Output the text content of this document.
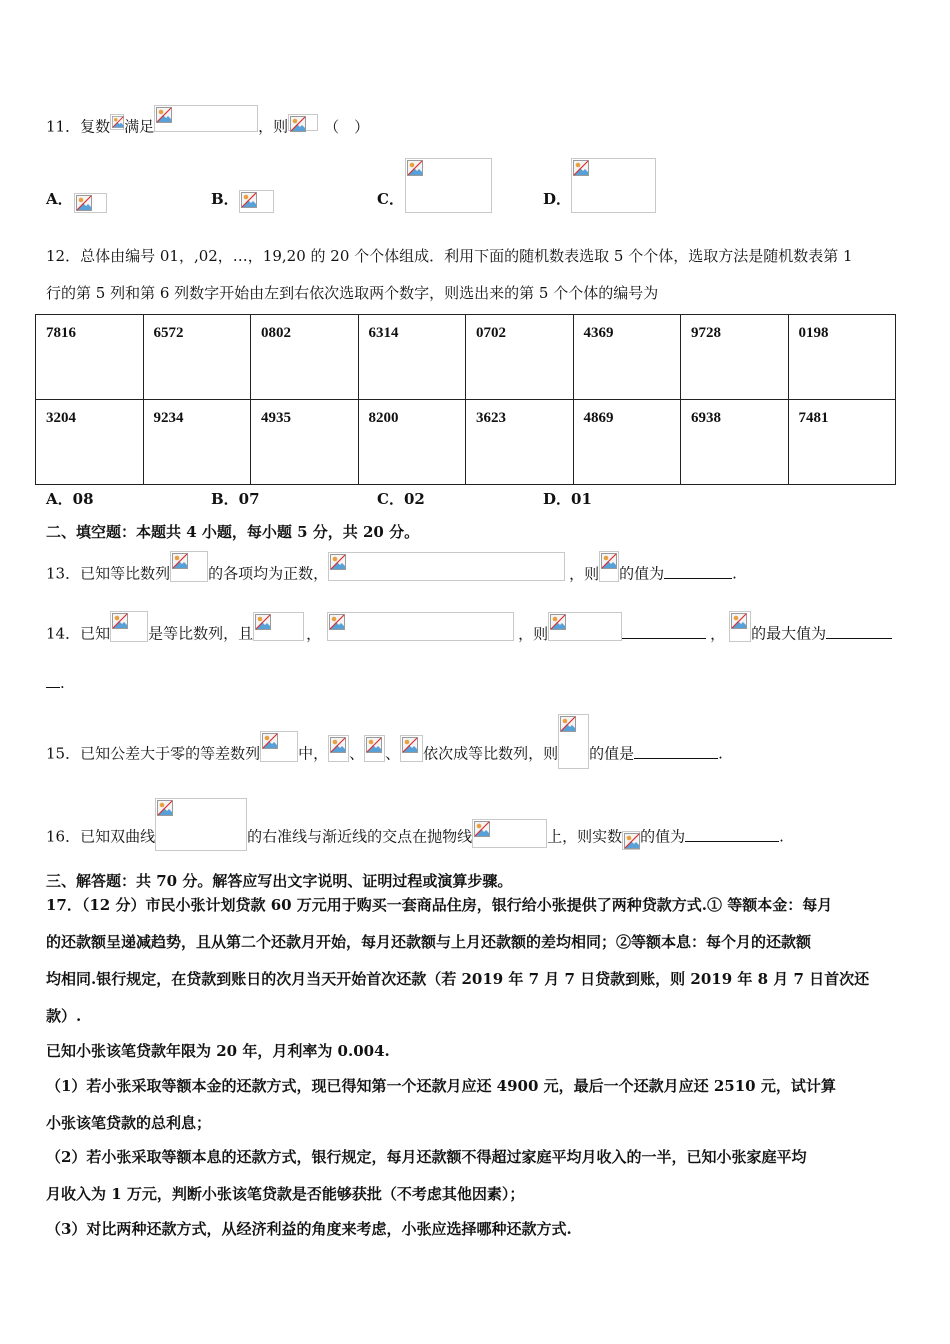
11．复数 满足	，则 （　）
A．	B．	C．	D．
12．总体由编号 01，,02，…，19,20 的 20 个个体组成．利用下面的随机数表选取 5 个个体，选取方法是随机数表第 1
行的第 5 列和第 6 列数字开始由左到右依次选取两个数字，则选出来的第 5 个个体的编号为
7816	6572	0802	6314	0702	4369	9728	0198
3204	9234	4935	8200	3623	4869	6938	7481
A．08	B．07	C．02	D．01
二、填空题：本题共 4 小题，每小题 5 分，共 20 分。
13．已知等比数列	的各项均为正数，	，则 的值为	.
14．已知	是等比数列，且	，	，则	， 的最大值为
.
15．已知公差大于零的等差数列	中， 、 、 依次成等比数列，则 的值是	.
16．已知双曲线	的右准线与渐近线的交点在抛物线	上，则实数 的值为	.
三、解答题：共 70 分。解答应写出文字说明、证明过程或演算步骤。
17．（12 分）市民小张计划贷款 60 万元用于购买一套商品住房，银行给小张提供了两种贷款方式.① 等额本金：每月
的还款额呈递减趋势，且从第二个还款月开始，每月还款额与上月还款额的差均相同；②等额本息：每个月的还款额
均相同.银行规定，在贷款到账日的次月当天开始首次还款（若 2019 年 7 月 7 日贷款到账，则 2019 年 8 月 7 日首次还
款）.
已知小张该笔贷款年限为 20 年，月利率为 0.004.
（1）若小张采取等额本金的还款方式，现已得知第一个还款月应还 4900 元，最后一个还款月应还 2510 元，试计算
小张该笔贷款的总利息；
（2）若小张采取等额本息的还款方式，银行规定，每月还款额不得超过家庭平均月收入的一半，已知小张家庭平均
月收入为 1 万元，判断小张该笔贷款是否能够获批（不考虑其他因素）；
（3）对比两种还款方式，从经济利益的角度来考虑，小张应选择哪种还款方式.
